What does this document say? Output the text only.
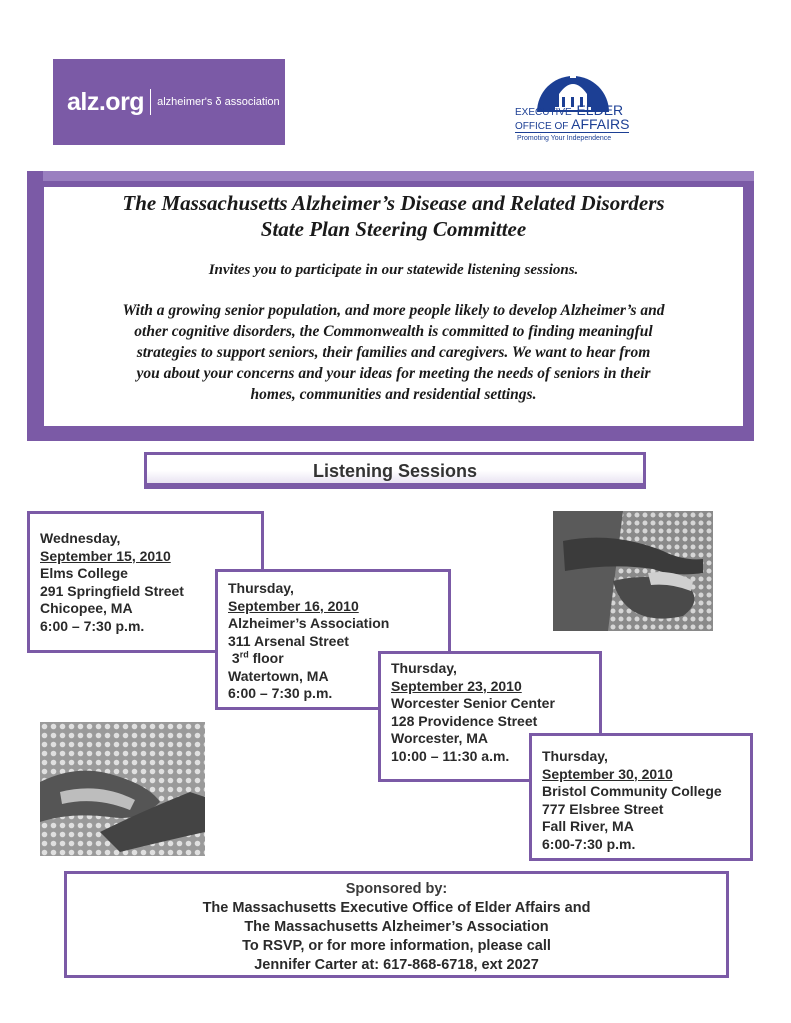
alz.org alzheimer's δ association
EXECUTIVE ELDER
OFFICE OF AFFAIRS
Promoting Your Independence
The Massachusetts Alzheimer’s Disease and Related Disorders
State Plan Steering Committee
Invites you to participate in our statewide listening sessions.
With a growing senior population, and more people likely to develop Alzheimer’s and
other cognitive disorders, the Commonwealth is committed to finding meaningful
strategies to support seniors, their families and caregivers. We want to hear from
you about your concerns and your ideas for meeting the needs of seniors in their
homes, communities and residential settings.
Listening Sessions
Wednesday,
September 15, 2010
Elms College
291 Springfield Street
Chicopee, MA
6:00 – 7:30 p.m.
Thursday,
September 16, 2010
Alzheimer’s Association
311 Arsenal Street
3rd floor
Watertown, MA
6:00 – 7:30 p.m.
Thursday,
September 23, 2010
Worcester Senior Center
128 Providence Street
Worcester, MA
10:00 – 11:30 a.m.	Thursday,
September 30, 2010
Bristol Community College
777 Elsbree Street
Fall River, MA
6:00-7:30 p.m.
Sponsored by:
The Massachusetts Executive Office of Elder Affairs and
The Massachusetts Alzheimer’s Association
To RSVP, or for more information, please call
Jennifer Carter at: 617-868-6718, ext 2027
